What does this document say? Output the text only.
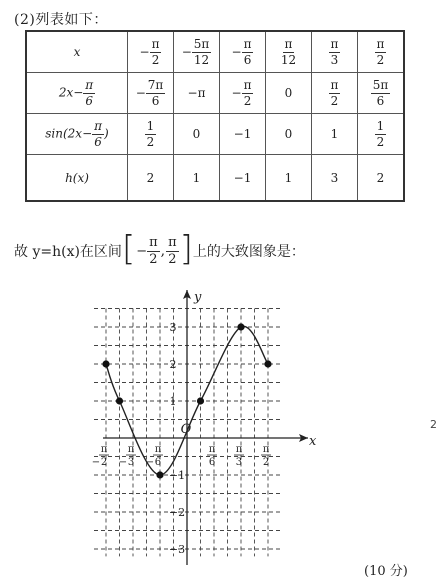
(2)列表如下：
x	− $\frac{\pi}{2}$	− $\frac{5\pi}{12}$	− $\frac{\pi}{6}$	$\frac{\pi}{12}$	$\frac{\pi}{3}$	$\frac{\pi}{2}$

$2x- \frac{\pi}{6}$	− $\frac{7\pi}{6}$	−π	− $\frac{\pi}{2}$	0	$\frac{\pi}{2}$	$\frac{5\pi}{6}$

$\sin(2x- \frac{\pi}{6}$ )	$\frac{1}{2}$	0	−1	0	1	$\frac{1}{2}$

h(x)	2	1	−1	1	3	2
故 y=h(x)在区间 [ − $\frac{\pi}{2}$ , $\frac{\pi}{2}$ ] 上的大致图象是：
x
y
O
3
2
1
−1
−2
−3
π
2
−
π
3
−
π
6
−
π
6
π
3
π
2
(10 分)
2
